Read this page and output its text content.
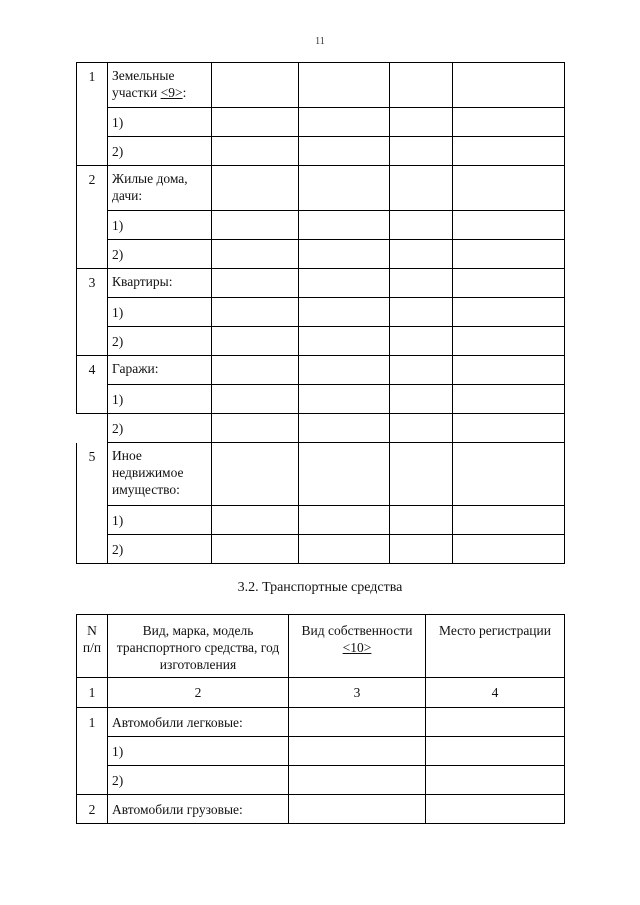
11
1	Земельные участки <9>:				
	1)				
	2)				
2	Жилые дома, дачи:				
	1)				
	2)				
3	Квартиры:				
	1)				
	2)				
4	Гаражи:				
	1)				
	2)				
5	Иное недвижимое имущество:				
	1)				
	2)				
3.2. Транспортные средства
N п/п	Вид, марка, модель транспортного средства, год изготовления	Вид собственности <10>	Место регистрации
1	2	3	4
1	Автомобили легковые:		
	1)		
	2)		
2	Автомобили грузовые:		
